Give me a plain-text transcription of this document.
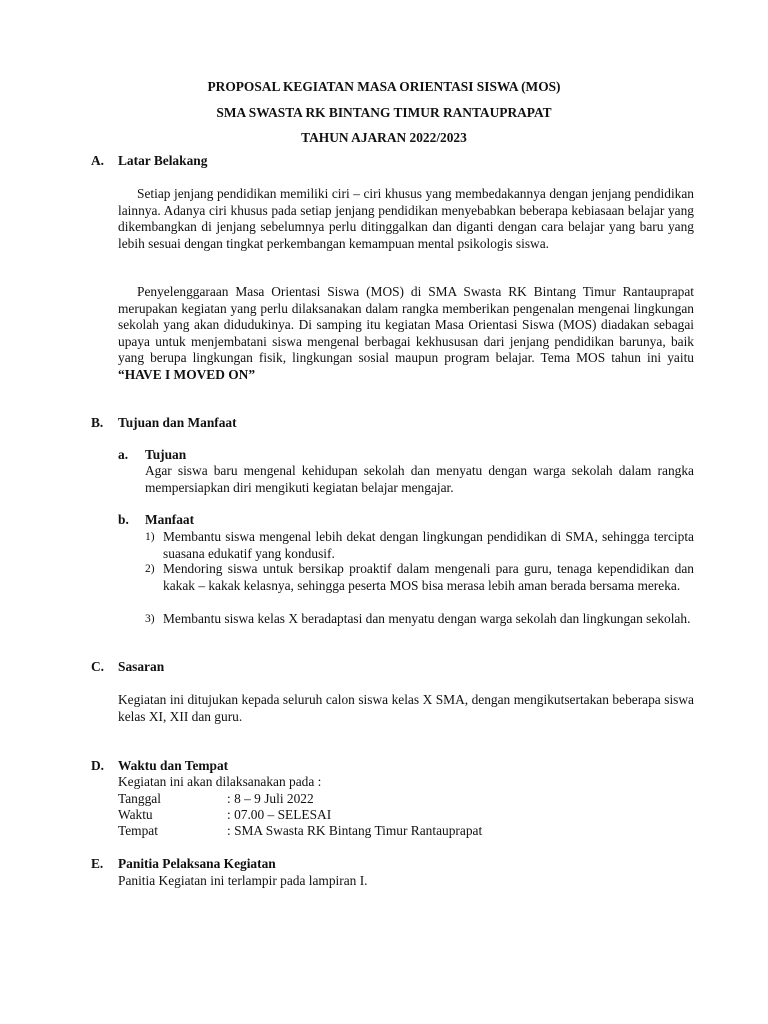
PROPOSAL KEGIATAN MASA ORIENTASI SISWA (MOS)
SMA SWASTA RK BINTANG TIMUR RANTAUPRAPAT
TAHUN AJARAN 2022/2023
A. Latar Belakang
Setiap jenjang pendidikan memiliki ciri – ciri khusus yang membedakannya dengan jenjang pendidikan lainnya. Adanya ciri khusus pada setiap jenjang pendidikan menyebabkan beberapa kebiasaan belajar yang dikembangkan di jenjang sebelumnya perlu ditinggalkan dan diganti dengan cara belajar yang baru yang lebih sesuai dengan tingkat perkembangan kemampuan mental psikologis siswa.
Penyelenggaraan Masa Orientasi Siswa (MOS) di SMA Swasta RK Bintang Timur Rantauprapat merupakan kegiatan yang perlu dilaksanakan dalam rangka memberikan pengenalan mengenai lingkungan sekolah yang akan didudukinya. Di samping itu kegiatan Masa Orientasi Siswa (MOS) diadakan sebagai upaya untuk menjembatani siswa mengenal berbagai kekhususan dari jenjang pendidikan barunya, baik yang berupa lingkungan fisik, lingkungan sosial maupun program belajar. Tema MOS tahun ini yaitu “HAVE I MOVED ON”
B. Tujuan dan Manfaat
a. Tujuan
Agar siswa baru mengenal kehidupan sekolah dan menyatu dengan warga sekolah dalam rangka mempersiapkan diri mengikuti kegiatan belajar mengajar.
b. Manfaat
1) Membantu siswa mengenal lebih dekat dengan lingkungan pendidikan di SMA, sehingga tercipta suasana edukatif yang kondusif.
2) Mendoring siswa untuk bersikap proaktif dalam mengenali para guru, tenaga kependidikan dan kakak – kakak kelasnya, sehingga peserta MOS bisa merasa lebih aman berada bersama mereka.
3) Membantu siswa kelas X beradaptasi dan menyatu dengan warga sekolah dan lingkungan sekolah.
C. Sasaran
Kegiatan ini ditujukan kepada seluruh calon siswa kelas X SMA, dengan mengikutsertakan beberapa siswa kelas XI, XII dan guru.
D. Waktu dan Tempat
Kegiatan ini akan dilaksanakan pada :
Tanggal	: 8 – 9 Juli 2022
Waktu	: 07.00 – SELESAI
Tempat	: SMA Swasta RK Bintang Timur Rantauprapat
E. Panitia Pelaksana Kegiatan
Panitia Kegiatan ini terlampir pada lampiran I.
